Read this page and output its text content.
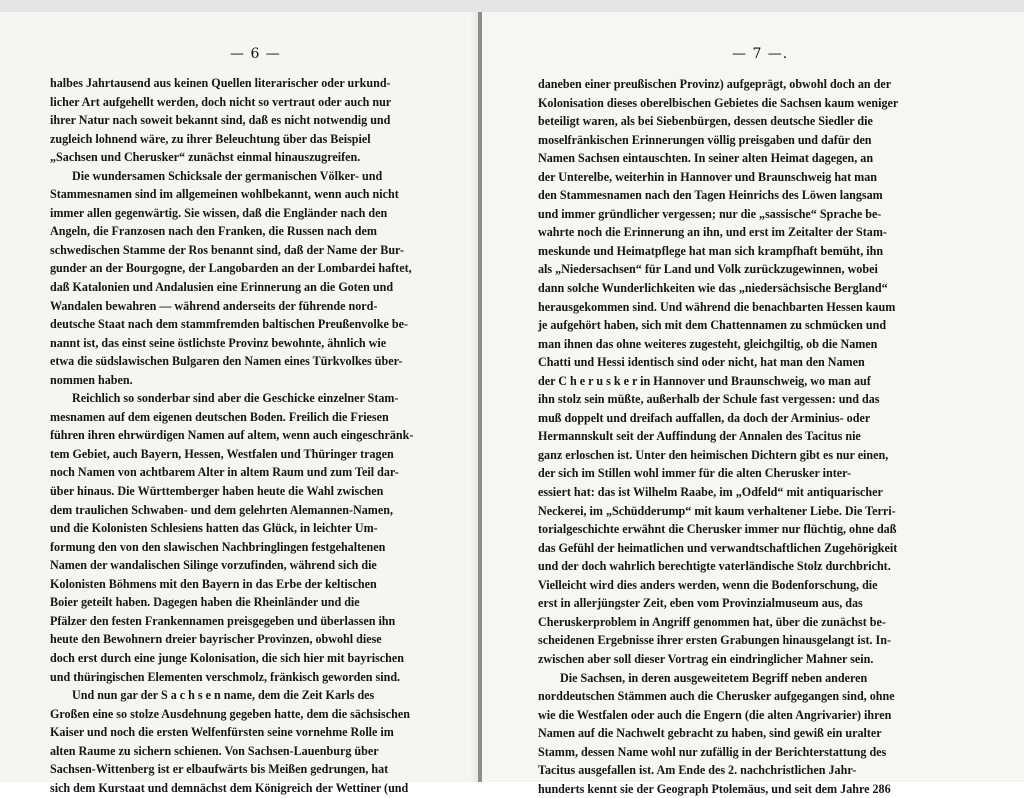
— 6 —
halbes Jahrtausend aus keinen Quellen literarischer oder urkund-
licher Art aufgehellt werden, doch nicht so vertraut oder auch nur
ihrer Natur nach soweit bekannt sind, daß es nicht notwendig und
zugleich lohnend wäre, zu ihrer Beleuchtung über das Beispiel
„Sachsen und Cherusker“ zunächst einmal hinauszugreifen.
Die wundersamen Schicksale der germanischen Völker- und
Stammesnamen sind im allgemeinen wohlbekannt, wenn auch nicht
immer allen gegenwärtig. Sie wissen, daß die Engländer nach den
Angeln, die Franzosen nach den Franken, die Russen nach dem
schwedischen Stamme der Ros benannt sind, daß der Name der Bur-
gunder an der Bourgogne, der Langobarden an der Lombardei haftet,
daß Katalonien und Andalusien eine Erinnerung an die Goten und
Wandalen bewahren — während anderseits der führende nord-
deutsche Staat nach dem stammfremden baltischen Preußenvolke be-
nannt ist, das einst seine östlichste Provinz bewohnte, ähnlich wie
etwa die südslawischen Bulgaren den Namen eines Türkvolkes über-
nommen haben.
Reichlich so sonderbar sind aber die Geschicke einzelner Stam-
mesnamen auf dem eigenen deutschen Boden. Freilich die Friesen
führen ihren ehrwürdigen Namen auf altem, wenn auch eingeschränk-
tem Gebiet, auch Bayern, Hessen, Westfalen und Thüringer tragen
noch Namen von achtbarem Alter in altem Raum und zum Teil dar-
über hinaus. Die Württemberger haben heute die Wahl zwischen
dem traulichen Schwaben- und dem gelehrten Alemannen-Namen,
und die Kolonisten Schlesiens hatten das Glück, in leichter Um-
formung den von den slawischen Nachbringlingen festgehaltenen
Namen der wandalischen Silinge vorzufinden, während sich die
Kolonisten Böhmens mit den Bayern in das Erbe der keltischen
Boier geteilt haben. Dagegen haben die Rheinländer und die
Pfälzer den festen Frankennamen preisgegeben und überlassen ihn
heute den Bewohnern dreier bayrischer Provinzen, obwohl diese
doch erst durch eine junge Kolonisation, die sich hier mit bayrischen
und thüringischen Elementen verschmolz, fränkisch geworden sind.
Und nun gar der S a c h s e n name, dem die Zeit Karls des
Großen eine so stolze Ausdehnung gegeben hatte, dem die sächsischen
Kaiser und noch die ersten Welfenfürsten seine vornehme Rolle im
alten Raume zu sichern schienen. Von Sachsen-Lauenburg über
Sachsen-Wittenberg ist er elbaufwärts bis Meißen gedrungen, hat
sich dem Kurstaat und demnächst dem Königreich der Wettiner (und
— 7 —.
daneben einer preußischen Provinz) aufgeprägt, obwohl doch an der
Kolonisation dieses oberelbischen Gebietes die Sachsen kaum weniger
beteiligt waren, als bei Siebenbürgen, dessen deutsche Siedler die
moselfränkischen Erinnerungen völlig preisgaben und dafür den
Namen Sachsen eintauschten. In seiner alten Heimat dagegen, an
der Unterelbe, weiterhin in Hannover und Braunschweig hat man
den Stammesnamen nach den Tagen Heinrichs des Löwen langsam
und immer gründlicher vergessen; nur die „sassische“ Sprache be-
wahrte noch die Erinnerung an ihn, und erst im Zeitalter der Stam-
meskunde und Heimatpflege hat man sich krampfhaft bemüht, ihn
als „Niedersachsen“ für Land und Volk zurückzugewinnen, wobei
dann solche Wunderlichkeiten wie das „niedersächsische Bergland“
herausgekommen sind. Und während die benachbarten Hessen kaum
je aufgehört haben, sich mit dem Chattennamen zu schmücken und
man ihnen das ohne weiteres zugesteht, gleichgiltig, ob die Namen
Chatti und Hessi identisch sind oder nicht, hat man den Namen
der C h e r u s k e r in Hannover und Braunschweig, wo man auf
ihn stolz sein müßte, außerhalb der Schule fast vergessen: und das
muß doppelt und dreifach auffallen, da doch der Arminius- oder
Hermannskult seit der Auffindung der Annalen des Tacitus nie
ganz erloschen ist. Unter den heimischen Dichtern gibt es nur einen,
der sich im Stillen wohl immer für die alten Cherusker inter-
essiert hat: das ist Wilhelm Raabe, im „Odfeld“ mit antiquarischer
Neckerei, im „Schüdderump“ mit kaum verhaltener Liebe. Die Terri-
torialgeschichte erwähnt die Cherusker immer nur flüchtig, ohne daß
das Gefühl der heimatlichen und verwandtschaftlichen Zugehörigkeit
und der doch wahrlich berechtigte vaterländische Stolz durchbricht.
Vielleicht wird dies anders werden, wenn die Bodenforschung, die
erst in allerjüngster Zeit, eben vom Provinzialmuseum aus, das
Cheruskerproblem in Angriff genommen hat, über die zunächst be-
scheidenen Ergebnisse ihrer ersten Grabungen hinausgelangt ist. In-
zwischen aber soll dieser Vortrag ein eindringlicher Mahner sein.
Die Sachsen, in deren ausgeweitetem Begriff neben anderen
norddeutschen Stämmen auch die Cherusker aufgegangen sind, ohne
wie die Westfalen oder auch die Engern (die alten Angrivarier) ihren
Namen auf die Nachwelt gebracht zu haben, sind gewiß ein uralter
Stamm, dessen Name wohl nur zufällig in der Berichterstattung des
Tacitus ausgefallen ist. Am Ende des 2. nachchristlichen Jahr-
hunderts kennt sie der Geograph Ptolemäus, und seit dem Jahre 286
